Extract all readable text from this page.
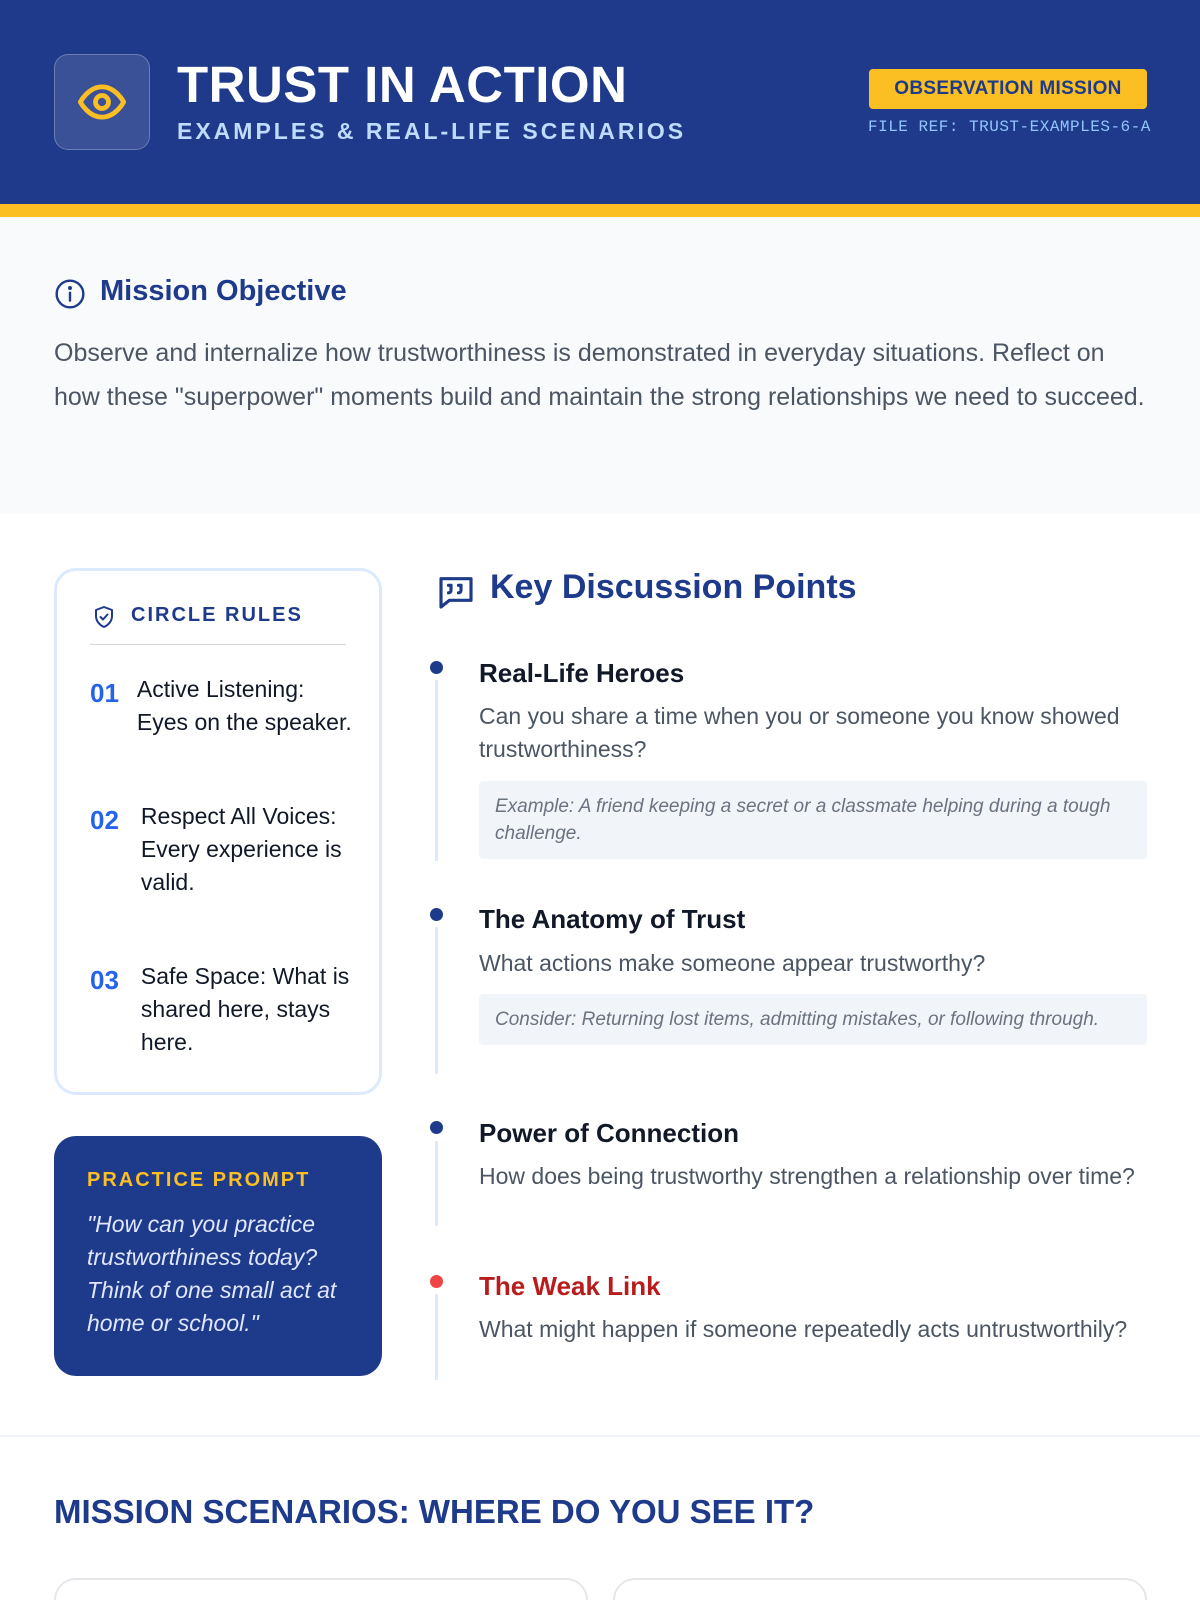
TRUST IN ACTION
EXAMPLES & REAL-LIFE SCENARIOS
OBSERVATION MISSION
FILE REF: TRUST-EXAMPLES-6-A
Mission Objective
Observe and internalize how trustworthiness is demonstrated in everyday situations. Reflect on how these "superpower" moments build and maintain the strong relationships we need to succeed.
CIRCLE RULES
01 Active Listening: Eyes on the speaker.
02 Respect All Voices: Every experience is valid.
03 Safe Space: What is shared here, stays here.
PRACTICE PROMPT
"How can you practice trustworthiness today? Think of one small act at home or school."
Key Discussion Points
Real-Life Heroes
Can you share a time when you or someone you know showed trustworthiness?
Example: A friend keeping a secret or a classmate helping during a tough challenge.
The Anatomy of Trust
What actions make someone appear trustworthy?
Consider: Returning lost items, admitting mistakes, or following through.
Power of Connection
How does being trustworthy strengthen a relationship over time?
The Weak Link
What might happen if someone repeatedly acts untrustworthily?
MISSION SCENARIOS: WHERE DO YOU SEE IT?
